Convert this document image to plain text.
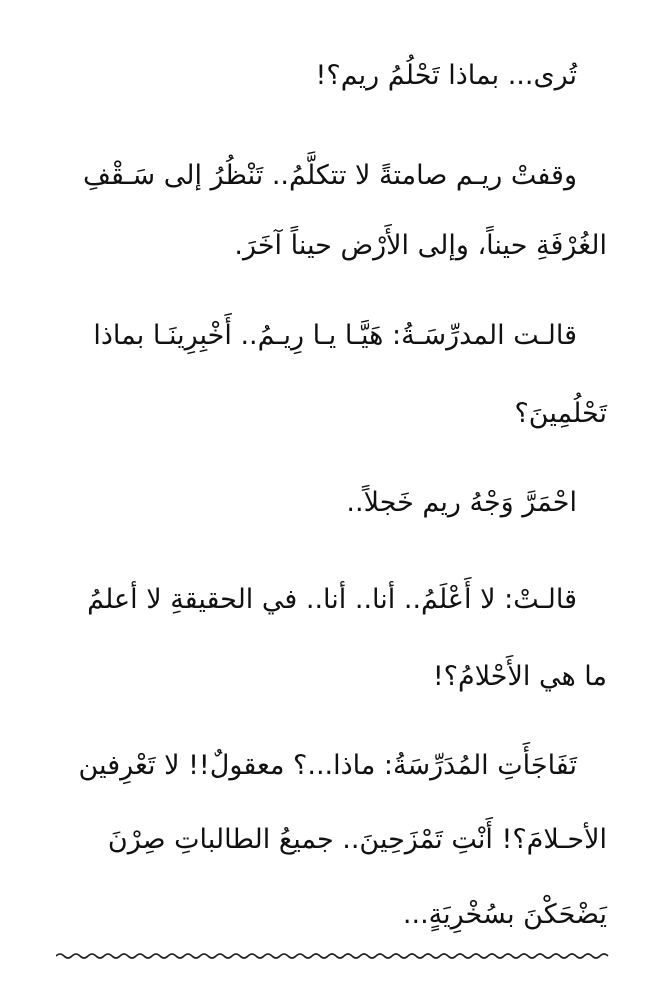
تُرى... بماذا تَحْلُمُ ريم؟!
وقفتْ ريـم صامتةً لا تتكلَّمُ.. تَنْظُرُ إلى سَـقْفِ
الغُرْفَةِ حيناً، وإلى الأَرْض حيناً آخَرَ.
قالـت المدرِّسَـةُ: هَيَّـا يـا رِيـمُ.. أَخْبِرِينَـا بماذا
تَحْلُمِينَ؟
احْمَرَّ وَجْهُ ريم خَجلاً..
قالـتْ: لا أَعْلَمُ.. أنا.. أنا.. في الحقيقةِ لا أعلمُ
ما هي الأَحْلامُ؟!
تَفَاجَأَتِ المُدَرِّسَةُ: ماذا...؟ معقولٌ!! لا تَعْرِفين
الأحـلامَ؟! أَنْتِ تَمْزَحِينَ.. جميعُ الطالباتِ صِرْنَ
يَضْحَكْنَ بسُخْرِيَةٍ...
